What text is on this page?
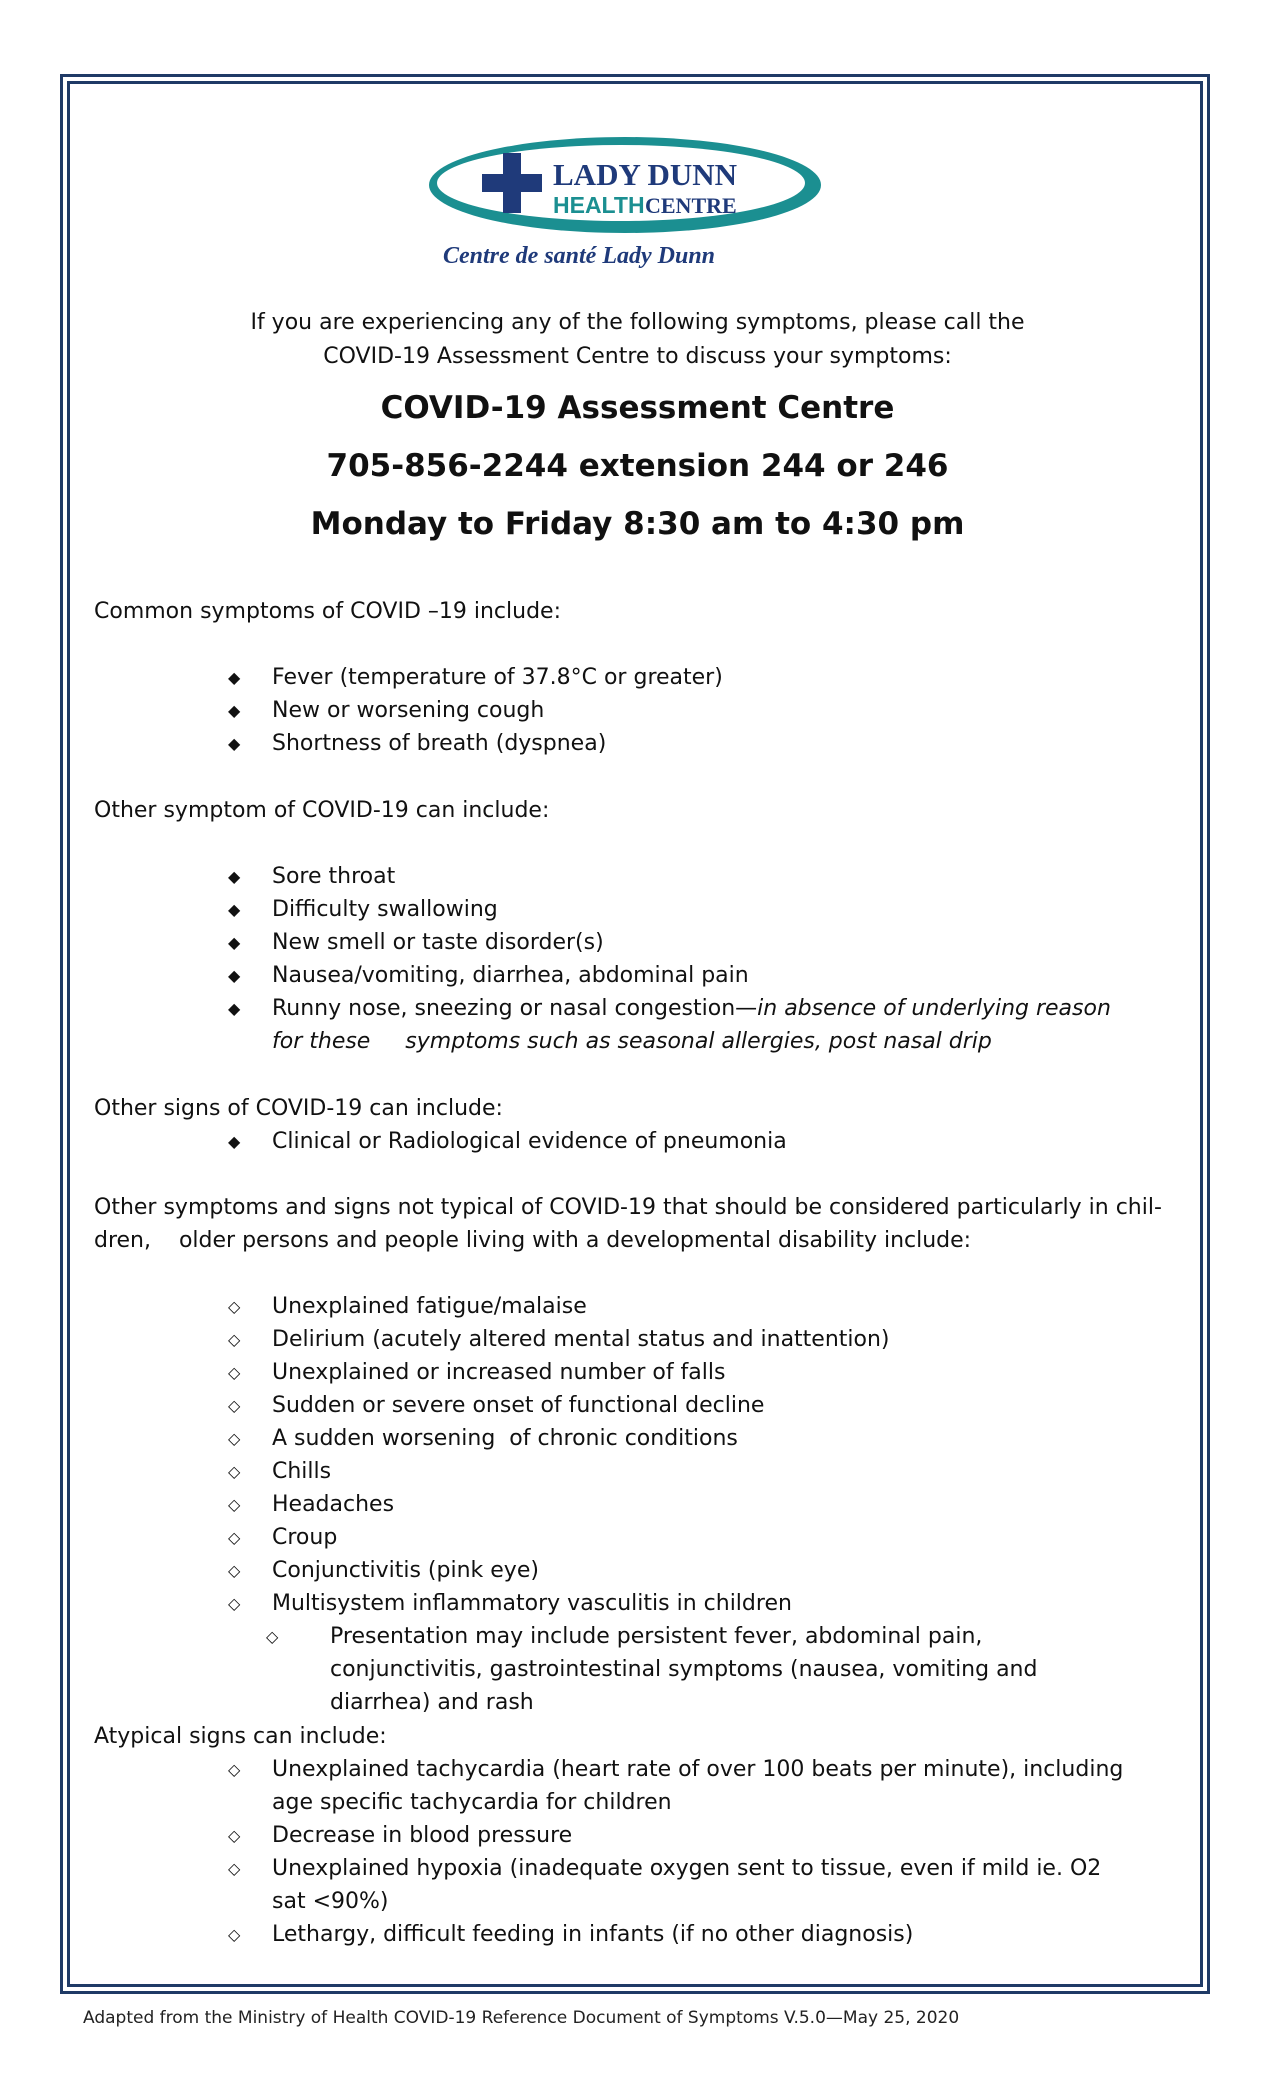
LADY DUNN
HEALTH CENTRE
Centre de santé Lady Dunn
If you are experiencing any of the following symptoms, please call the
COVID-19 Assessment Centre to discuss your symptoms:
COVID-19 Assessment Centre
705-856-2244 extension 244 or 246
Monday to Friday 8:30 am to 4:30 pm

Common symptoms of COVID –19 include:

◆ Fever (temperature of 37.8°C or greater)
◆ New or worsening cough
◆ Shortness of breath (dyspnea)

Other symptom of COVID-19 can include:

◆ Sore throat
◆ Difficulty swallowing
◆ New smell or taste disorder(s)
◆ Nausea/vomiting, diarrhea, abdominal pain
◆ Runny nose, sneezing or nasal congestion—in absence of underlying reason for these     symptoms such as seasonal allergies, post nasal drip

Other signs of COVID-19 can include:

◆ Clinical or Radiological evidence of pneumonia

Other symptoms and signs not typical of COVID-19 that should be considered particularly in chil-dren,    older persons and people living with a developmental disability include:

◇ Unexplained fatigue/malaise
◇ Delirium (acutely altered mental status and inattention)
◇ Unexplained or increased number of falls
◇ Sudden or severe onset of functional decline
◇ A sudden worsening  of chronic conditions
◇ Chills
◇ Headaches
◇ Croup
◇ Conjunctivitis (pink eye)
◇ Multisystem inflammatory vasculitis in children
◇ Presentation may include persistent fever, abdominal pain, conjunctivitis, gastrointestinal symptoms (nausea, vomiting and diarrhea) and rash

Atypical signs can include:

◇ Unexplained tachycardia (heart rate of over 100 beats per minute), including age specific tachycardia for children
◇ Decrease in blood pressure
◇ Unexplained hypoxia (inadequate oxygen sent to tissue, even if mild ie. O2 sat <90%)
◇ Lethargy, difficult feeding in infants (if no other diagnosis)
Adapted from the Ministry of Health COVID-19 Reference Document of Symptoms V.5.0—May 25, 2020
